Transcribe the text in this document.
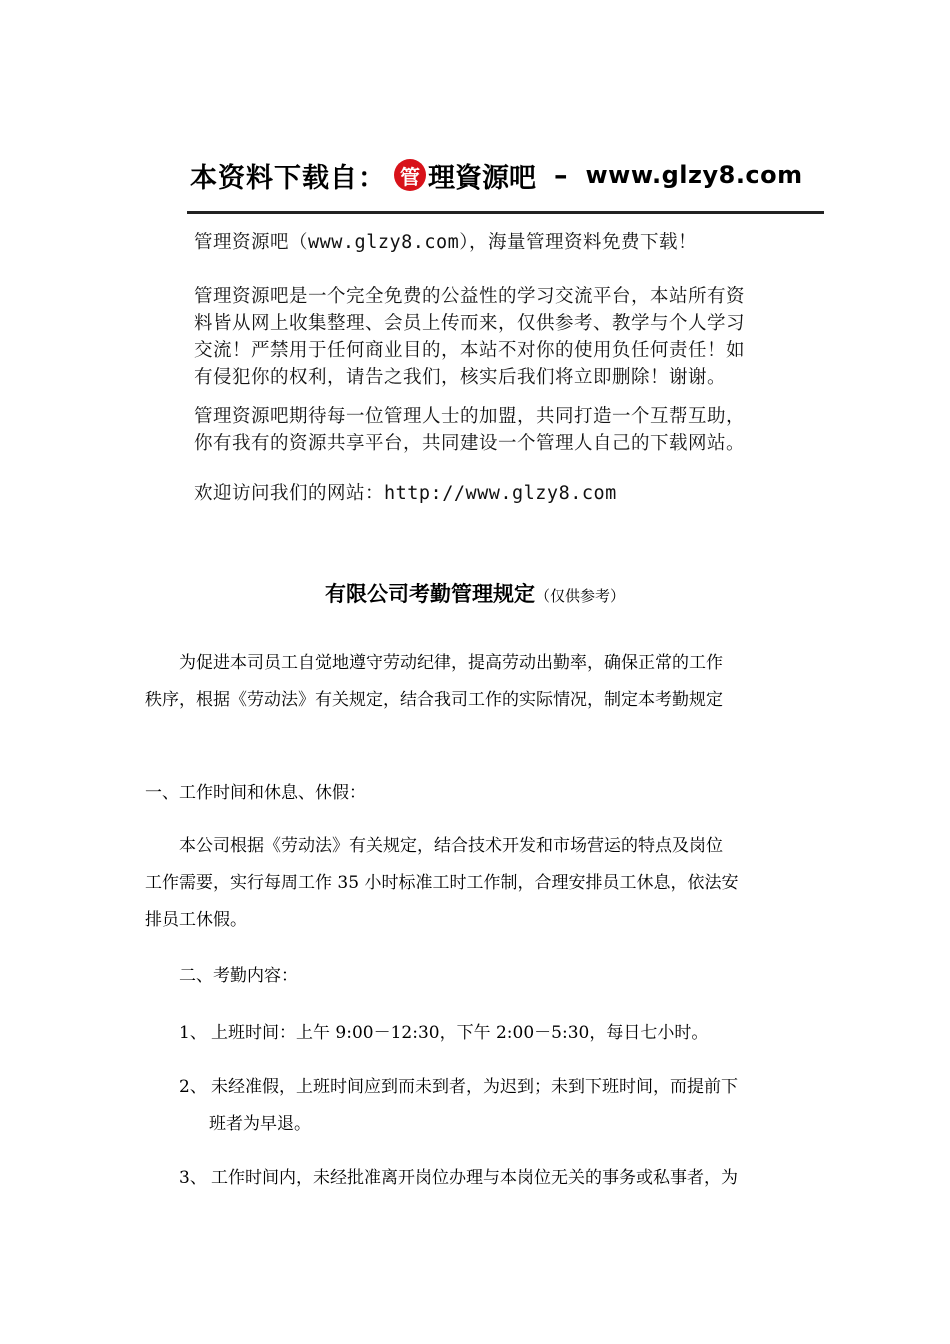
本资料下载自： 管 理資源吧 – www.glzy8.com
管理资源吧（www.glzy8.com），海量管理资料免费下载！
管理资源吧是一个完全免费的公益性的学习交流平台，本站所有资
料皆从网上收集整理、会员上传而来，仅供参考、教学与个人学习
交流！严禁用于任何商业目的，本站不对你的使用负任何责任！如
有侵犯你的权利，请告之我们，核实后我们将立即删除！谢谢。
管理资源吧期待每一位管理人士的加盟，共同打造一个互帮互助，
你有我有的资源共享平台，共同建设一个管理人自己的下载网站。
欢迎访问我们的网站：http://www.glzy8.com
有限公司考勤管理规定（仅供参考）
为促进本司员工自觉地遵守劳动纪律，提高劳动出勤率，确保正常的工作
秩序，根据《劳动法》有关规定，结合我司工作的实际情况，制定本考勤规定
一、工作时间和休息、休假：
本公司根据《劳动法》有关规定，结合技术开发和市场营运的特点及岗位
工作需要，实行每周工作 35 小时标准工时工作制，合理安排员工休息，依法安
排员工休假。
二、考勤内容：
1、 上班时间：上午 9:00－12:30，下午 2:00－5:30，每日七小时。
2、 未经准假，上班时间应到而未到者，为迟到；未到下班时间，而提前下
班者为早退。
3、 工作时间内，未经批准离开岗位办理与本岗位无关的事务或私事者，为
